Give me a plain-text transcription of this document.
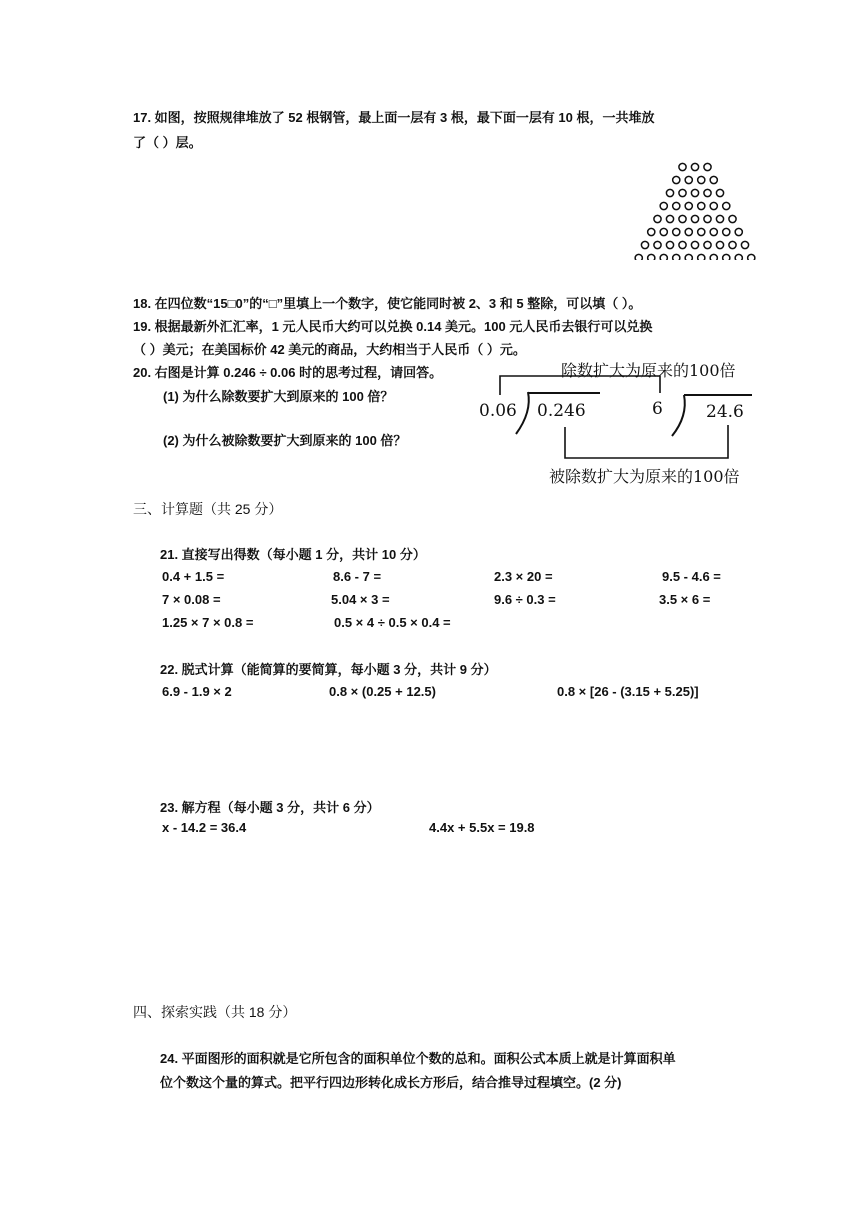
17. 如图，按照规律堆放了 52 根钢管，最上面一层有 3 根，最下面一层有 10 根，一共堆放
了（ ）层。
18. 在四位数“15□0”的“□”里填上一个数字，使它能同时被 2、3 和 5 整除，可以填（ ）。
19. 根据最新外汇汇率，1 元人民币大约可以兑换 0.14 美元。100 元人民币去银行可以兑换
（ ）美元；在美国标价 42 美元的商品，大约相当于人民币（ ）元。
20. 右图是计算 0.246 ÷ 0.06 时的思考过程，请回答。
(1) 为什么除数要扩大到原来的 100 倍？
(2) 为什么被除数要扩大到原来的 100 倍？
0.06 0.246	6	24.6
除数扩大为原来的100倍
被除数扩大为原来的100倍
三、计算题（共 25 分）
21. 直接写出得数（每小题 1 分，共计 10 分）
0.4 + 1.5 =	8.6 - 7 =	2.3 × 20 =	9.5 - 4.6 =
7 × 0.08 =	5.04 × 3 =	9.6 ÷ 0.3 =	3.5 × 6 =
1.25 × 7 × 0.8 =	0.5 × 4 ÷ 0.5 × 0.4 =
22. 脱式计算（能简算的要简算，每小题 3 分，共计 9 分）
6.9 - 1.9 × 2	0.8 × (0.25 + 12.5)	0.8 × [26 - (3.15 + 5.25)]
23. 解方程（每小题 3 分，共计 6 分）
x - 14.2 = 36.4	4.4x + 5.5x = 19.8
四、探索实践（共 18 分）
24. 平面图形的面积就是它所包含的面积单位个数的总和。面积公式本质上就是计算面积单
位个数这个量的算式。把平行四边形转化成长方形后，结合推导过程填空。(2 分)
